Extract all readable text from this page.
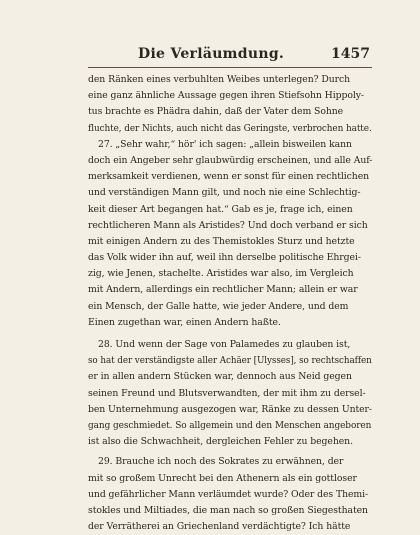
Die Verläumdung.	1457
den Ränken eines verbuhlten Weibes unterlegen? Durch
eine ganz ähnliche Aussage gegen ihren Stiefsohn Hippoly-
tus brachte es Phädra dahin, daß der Vater dem Sohne
fluchte, der Nichts, auch nicht das Geringste, verbrochen hatte.
27. „Sehr wahr,“ hör' ich sagen: „allein bisweilen kann
doch ein Angeber sehr glaubwürdig erscheinen, und alle Auf-
merksamkeit verdienen, wenn er sonst für einen rechtlichen
und verständigen Mann gilt, und noch nie eine Schlechtig-
keit dieser Art begangen hat.“ Gab es je, frage ich, einen
rechtlicheren Mann als Aristides? Und doch verband er sich
mit einigen Andern zu des Themistokles Sturz und hetzte
das Volk wider ihn auf, weil ihn derselbe politische Ehrgei-
zig, wie Jenen, stachelte. Aristides war also, im Vergleich
mit Andern, allerdings ein rechtlicher Mann; allein er war
ein Mensch, der Galle hatte, wie jeder Andere, und dem
Einen zugethan war, einen Andern haßte.
28. Und wenn der Sage von Palamedes zu glauben ist,
so hat der verständigste aller Achäer [Ulysses], so rechtschaffen
er in allen andern Stücken war, dennoch aus Neid gegen
seinen Freund und Blutsverwandten, der mit ihm zu dersel-
ben Unternehmung ausgezogen war, Ränke zu dessen Unter-
gang geschmiedet. So allgemein und den Menschen angeboren
ist also die Schwachheit, dergleichen Fehler zu begehen.
29. Brauche ich noch des Sokrates zu erwähnen, der
mit so großem Unrecht bei den Athenern als ein gottloser
und gefährlicher Mann verläumdet wurde? Oder des Themi-
stokles und Miltiades, die man nach so großen Siegesthaten
der Verrätherei an Griechenland verdächtigte? Ich hätte
